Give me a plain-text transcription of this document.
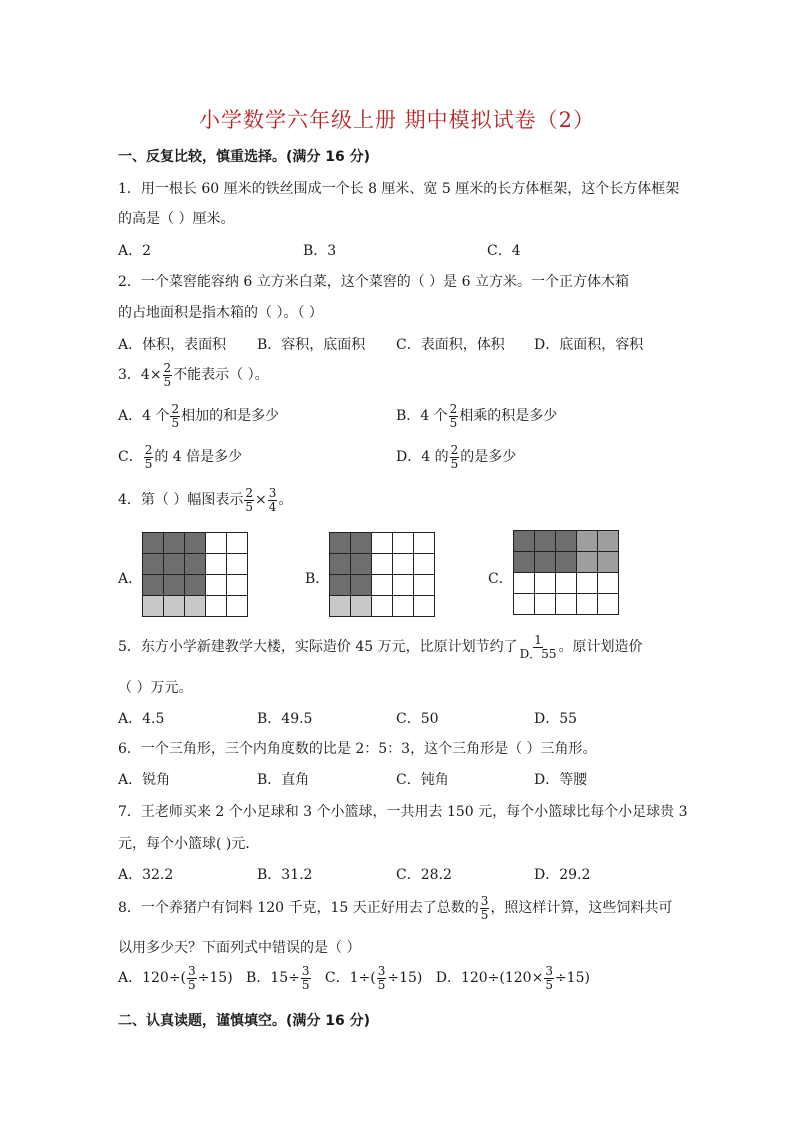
小学数学六年级上册 期中模拟试卷（2）
一、反复比较，慎重选择。(满分 16 分)
1．用一根长 60 厘米的铁丝围成一个长 8 厘米、宽 5 厘米的长方体框架，这个长方体框架
的高是（ ）厘米。
A．2	B．3	C．4
2．一个菜窖能容纳 6 立方米白菜，这个菜窖的（ ）是 6 立方米。一个正方体木箱
的占地面积是指木箱的（ ）。（ ）
A．体积，表面积 B．容积，底面积 C．表面积，体积 D．底面积，容积
3．$4\times \frac{2}{5}$ 不能表示（ ）。
A．4 个 $\frac{2}{5}$ 相加的和是多少	B．4 个 $\frac{2}{5}$ 相乘的积是多少
C． $\frac{2}{5}$ 的 4 倍是多少	D．4 的 $\frac{2}{5}$ 的是多少
4．第（ ）幅图表示 $\frac{2}{5} \times \frac{3}{4}$ 。
A．	B．	C．
5．东方小学新建教学大楼，实际造价 45 万元，比原计划节约了 $\frac{1}{D.55}$ 。原计划造价
（ ）万元。
A．4.5	B．49.5	C．50	D．55
6．一个三角形，三个内角度数的比是 2：5：3，这个三角形是（ ）三角形。
A．锐角	B．直角	C．钝角	D．等腰
7．王老师买来 2 个小足球和 3 个小篮球，一共用去 150 元，每个小篮球比每个小足球贵 3
元，每个小篮球( )元．
A．32.2	B．31.2	C．28.2	D．29.2
8．一个养猪户有饲料 120 千克，15 天正好用去了总数的 $\frac{3}{5}$ ，照这样计算，这些饲料共可
以用多少天？下面列式中错误的是（ ）
A．$120\div( \frac{3}{5} \div 15)$ B．$15\div \frac{3}{5}$ C．$1\div( \frac{3}{5} \div 15)$ D．$120\div(120\times \frac{3}{5} \div 15)$
二、认真读题，谨慎填空。(满分 16 分)
